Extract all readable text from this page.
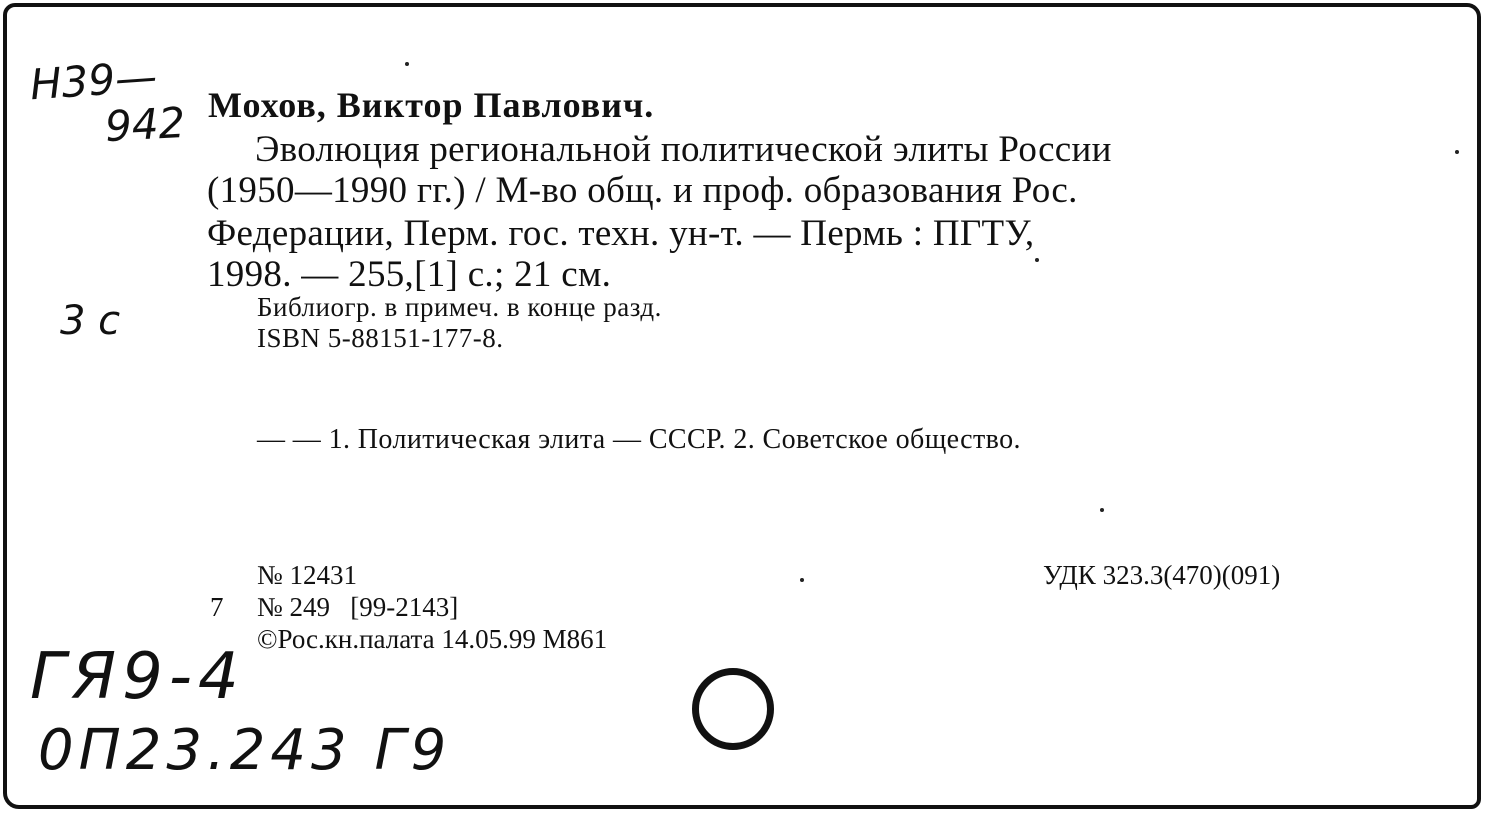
Н39—
942
3 с
Мохов, Виктор Павлович.
Эволюция региональной политической элиты России
(1950—1990 гг.) / М-во общ. и проф. образования Рос.
Федерации, Перм. гос. техн. ун-т. — Пермь : ПГТУ,
1998. — 255,[1] с.; 21 см.
Библиогр. в примеч. в конце разд.
ISBN 5-88151-177-8.
— — 1. Политическая элита — СССР. 2. Советское общество.
№ 12431
7 № 249   [99-2143]
©Рос.кн.палата 14.05.99 М861
УДК 323.3(470)(091)
ГЯ9-4
0П23.243 Г9
